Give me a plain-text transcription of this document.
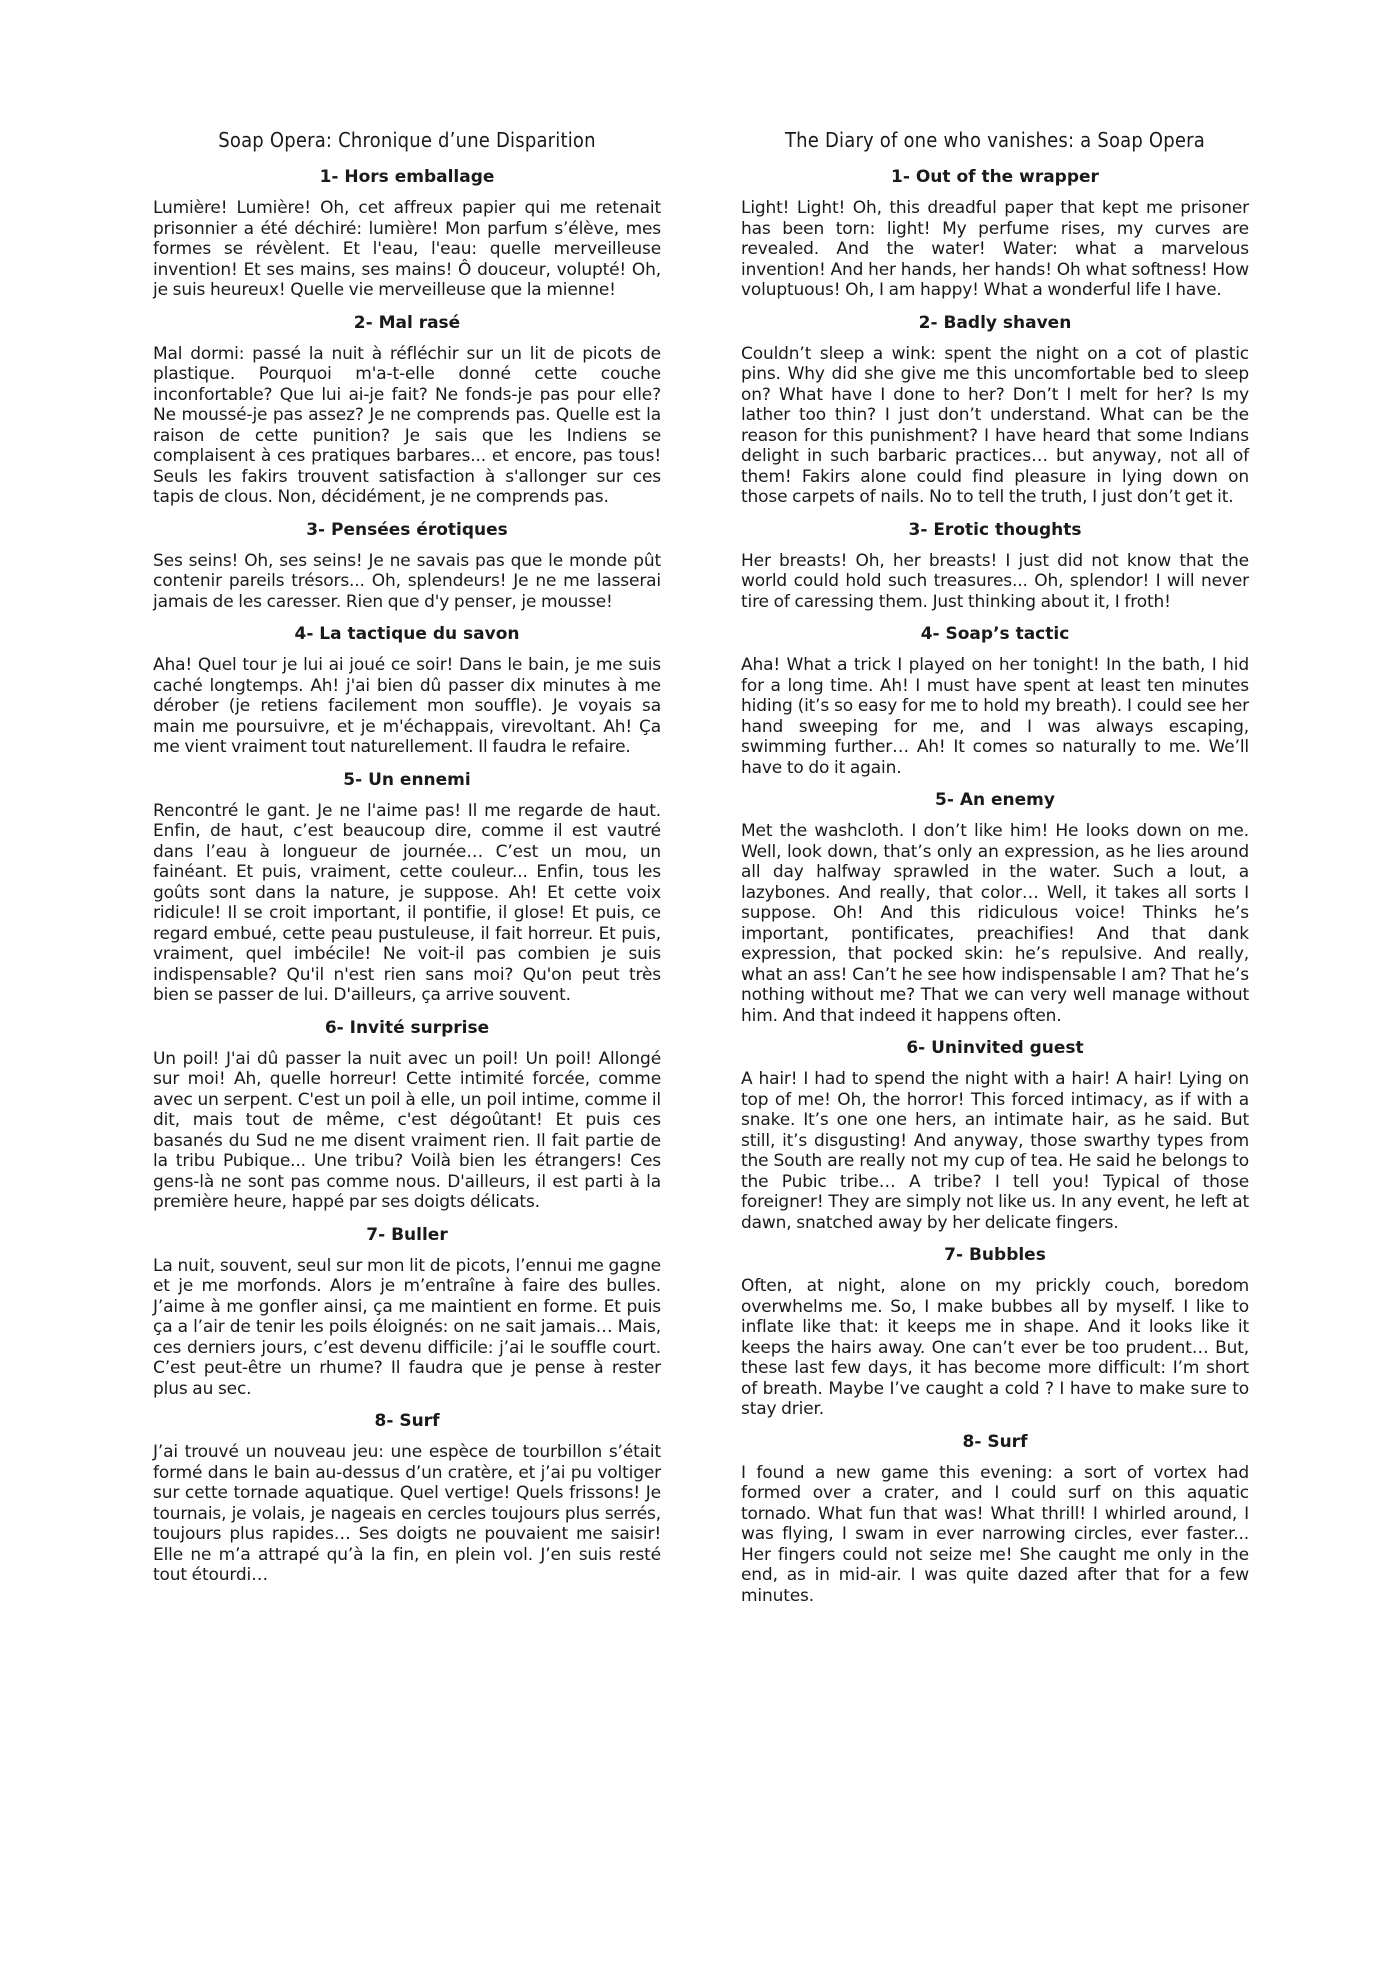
Soap Opera: Chronique d’une Disparition
1- Hors emballage

Lumière! Lumière! Oh, cet affreux papier qui me retenait prisonnier a été déchiré: lumière! Mon parfum s’élève, mes formes se révèlent. Et l'eau, l'eau: quelle merveilleuse invention! Et ses mains, ses mains! Ô douceur, volupté! Oh, je suis heureux! Quelle vie merveilleuse que la mienne!

2- Mal rasé

Mal dormi: passé la nuit à réfléchir sur un lit de picots de plastique. Pourquoi m'a-t-elle donné cette couche inconfortable? Que lui ai-je fait? Ne fonds-je pas pour elle? Ne moussé-je pas assez? Je ne comprends pas. Quelle est la raison de cette punition? Je sais que les Indiens se complaisent à ces pratiques barbares... et encore, pas tous! Seuls les fakirs trouvent satisfaction à s'allonger sur ces tapis de clous. Non, décidément, je ne comprends pas.

3- Pensées érotiques

Ses seins! Oh, ses seins! Je ne savais pas que le monde pût contenir pareils trésors... Oh, splendeurs! Je ne me lasserai jamais de les caresser. Rien que d'y penser, je mousse!

4- La tactique du savon

Aha! Quel tour je lui ai joué ce soir! Dans le bain, je me suis caché longtemps. Ah! j'ai bien dû passer dix minutes à me dérober (je retiens facilement mon souffle). Je voyais sa main me poursuivre, et je m'échappais, virevoltant. Ah! Ça me vient vraiment tout naturellement. Il faudra le refaire.

5- Un ennemi

Rencontré le gant. Je ne l'aime pas! Il me regarde de haut. Enfin, de haut, c’est beaucoup dire, comme il est vautré dans l’eau à longueur de journée… C’est un mou, un fainéant. Et puis, vraiment, cette couleur... Enfin, tous les goûts sont dans la nature, je suppose. Ah! Et cette voix ridicule! Il se croit important, il pontifie, il glose! Et puis, ce regard embué, cette peau pustuleuse, il fait horreur. Et puis, vraiment, quel imbécile! Ne voit-il pas combien je suis indispensable? Qu'il n'est rien sans moi? Qu'on peut très bien se passer de lui. D'ailleurs, ça arrive souvent.

6- Invité surprise

Un poil! J'ai dû passer la nuit avec un poil! Un poil! Allongé sur moi! Ah, quelle horreur! Cette intimité forcée, comme avec un serpent. C'est un poil à elle, un poil intime, comme il dit, mais tout de même, c'est dégoûtant! Et puis ces basanés du Sud ne me disent vraiment rien. Il fait partie de la tribu Pubique... Une tribu? Voilà bien les étrangers! Ces gens-là ne sont pas comme nous. D'ailleurs, il est parti à la première heure, happé par ses doigts délicats.

7- Buller

La nuit, souvent, seul sur mon lit de picots, l’ennui me gagne et je me morfonds. Alors je m’entraîne à faire des bulles. J’aime à me gonfler ainsi, ça me maintient en forme. Et puis ça a l’air de tenir les poils éloignés: on ne sait jamais… Mais, ces derniers jours, c’est devenu difficile: j’ai le souffle court. C’est peut-être un rhume? Il faudra que je pense à rester plus au sec.

8- Surf

J’ai trouvé un nouveau jeu: une espèce de tourbillon s’était formé dans le bain au-dessus d’un cratère, et j’ai pu voltiger sur cette tornade aquatique. Quel vertige! Quels frissons! Je tournais, je volais, je nageais en cercles toujours plus serrés, toujours plus rapides… Ses doigts ne pouvaient me saisir! Elle ne m’a attrapé qu’à la fin, en plein vol. J’en suis resté tout étourdi…

The Diary of one who vanishes: a Soap Opera
1- Out of the wrapper

Light! Light! Oh, this dreadful paper that kept me prisoner has been torn: light! My perfume rises, my curves are revealed. And the water! Water: what a marvelous invention! And her hands, her hands! Oh what softness! How voluptuous! Oh, I am happy! What a wonderful life I have.

2- Badly shaven

Couldn’t sleep a wink: spent the night on a cot of plastic pins. Why did she give me this uncomfortable bed to sleep on? What have I done to her? Don’t I melt for her? Is my lather too thin? I just don’t understand. What can be the reason for this punishment? I have heard that some Indians delight in such barbaric practices… but anyway, not all of them! Fakirs alone could find pleasure in lying down on those carpets of nails. No to tell the truth, I just don’t get it.

3- Erotic thoughts

Her breasts! Oh, her breasts! I just did not know that the world could hold such treasures... Oh, splendor! I will never tire of caressing them. Just thinking about it, I froth!

4- Soap’s tactic

Aha! What a trick I played on her tonight! In the bath, I hid for a long time. Ah! I must have spent at least ten minutes hiding (it’s so easy for me to hold my breath). I could see her hand sweeping for me, and I was always escaping, swimming further… Ah! It comes so naturally to me. We’ll have to do it again.

5- An enemy

Met the washcloth. I don’t like him! He looks down on me. Well, look down, that’s only an expression, as he lies around all day halfway sprawled in the water. Such a lout, a lazybones. And really, that color… Well, it takes all sorts I suppose. Oh! And this ridiculous voice! Thinks he’s important, pontificates, preachifies! And that dank expression, that pocked skin: he’s repulsive. And really, what an ass! Can’t he see how indispensable I am? That he’s nothing without me? That we can very well manage without him. And that indeed it happens often.

6- Uninvited guest

A hair! I had to spend the night with a hair! A hair! Lying on top of me! Oh, the horror! This forced intimacy, as if with a snake. It’s one one hers, an intimate hair, as he said. But still, it’s disgusting! And anyway, those swarthy types from the South are really not my cup of tea. He said he belongs to the Pubic tribe… A tribe? I tell you! Typical of those foreigner! They are simply not like us. In any event, he left at dawn, snatched away by her delicate fingers.

7- Bubbles

Often, at night, alone on my prickly couch, boredom overwhelms me. So, I make bubbes all by myself. I like to inflate like that: it keeps me in shape. And it looks like it keeps the hairs away. One can’t ever be too prudent… But, these last few days, it has become more difficult: I’m short of breath. Maybe I’ve caught a cold ? I have to make sure to stay drier.

8- Surf

I found a new game this evening: a sort of vortex had formed over a crater, and I could surf on this aquatic tornado. What fun that was! What thrill! I whirled around, I was flying, I swam in ever narrowing circles, ever faster... Her fingers could not seize me! She caught me only in the end, as in mid-air. I was quite dazed after that for a few minutes.
